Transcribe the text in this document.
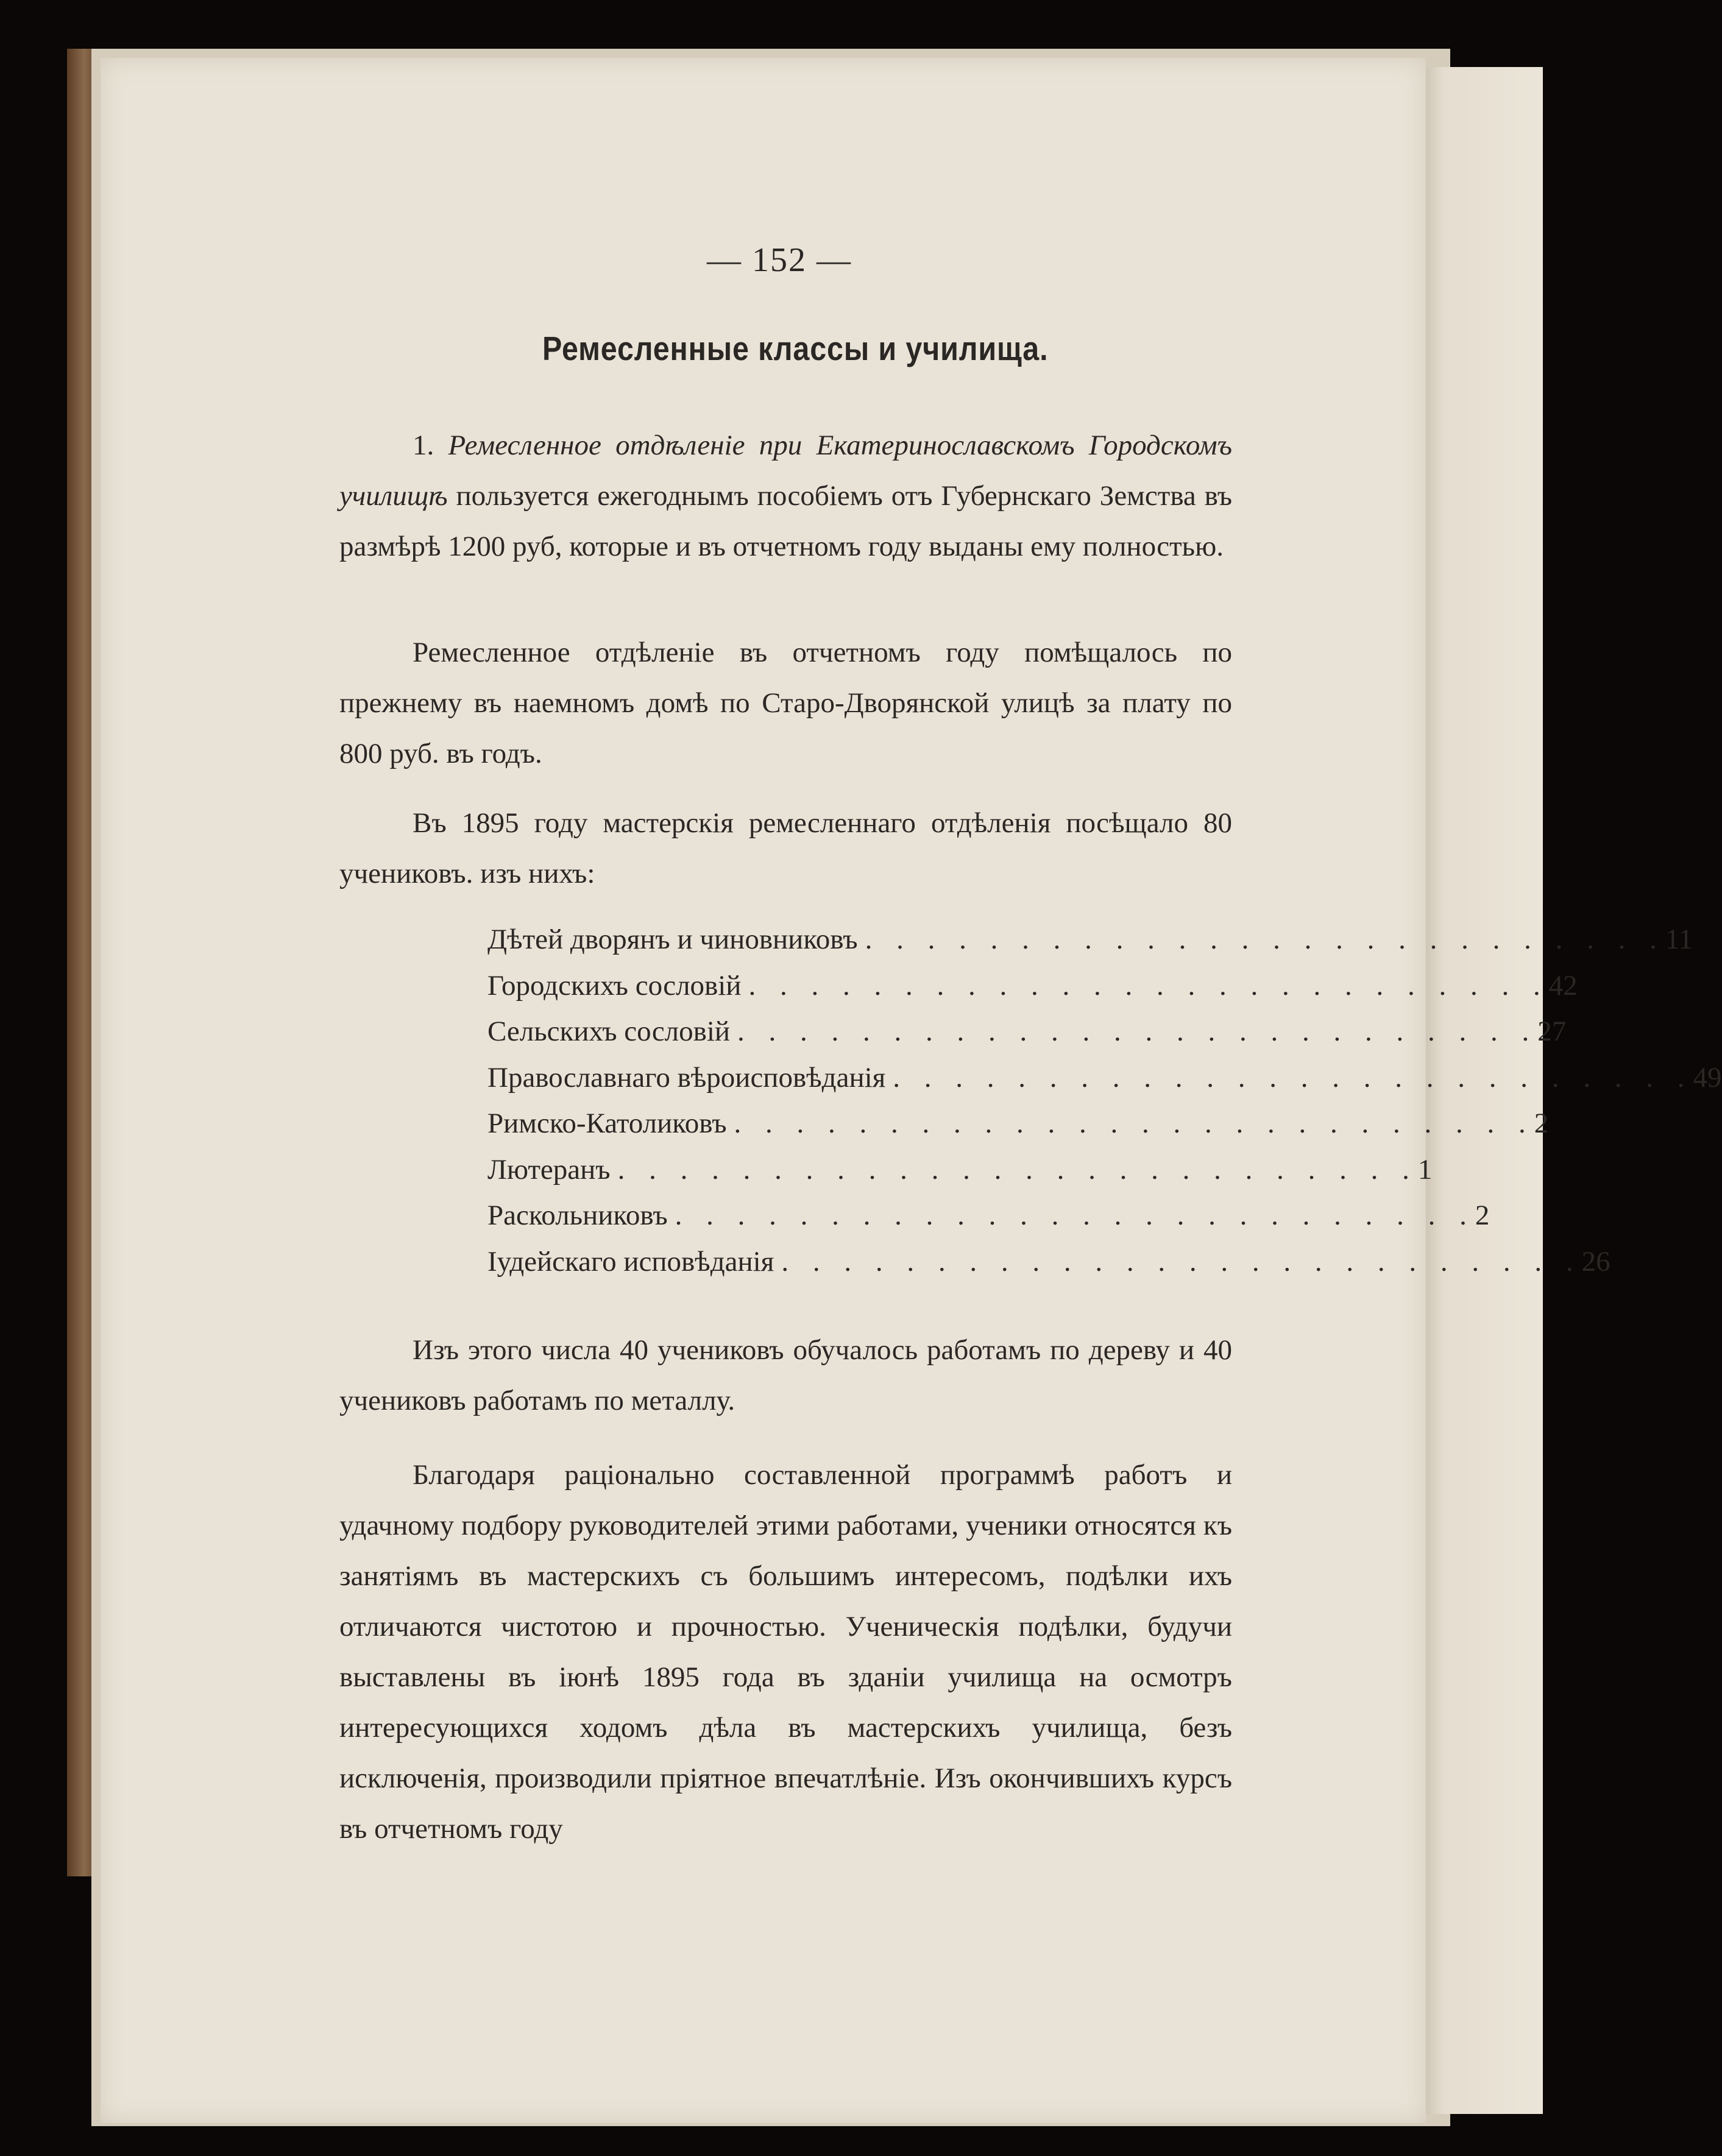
— 152 —
Ремесленные классы и училища.
1. Ремесленное отдѣленіе при Екатеринославскомъ Городскомъ училищѣ пользуется ежегоднымъ пособіемъ отъ Губернскаго Земства въ размѣрѣ 1200 руб, которые и въ отчетномъ году выданы ему полностью.
Ремесленное отдѣленіе въ отчетномъ году помѣщалось по прежнему въ наемномъ домѣ по Старо-Дворянской улицѣ за плату по 800 руб. въ годъ.
Въ 1895 году мастерскія ремесленнаго отдѣленія посѣщало 80 учениковъ. изъ нихъ:
Дѣтей дворянъ и чиновниковъ . . . . . . . . . . . . . . . . . . . . . . . . . . 11
Городскихъ сословій . . . . . . . . . . . . . . . . . . . . . . . . . . 42
Сельскихъ сословій . . . . . . . . . . . . . . . . . . . . . . . . . . 27
Православнаго вѣроисповѣданія . . . . . . . . . . . . . . . . . . . . . . . . . . 49
Римско-Католиковъ . . . . . . . . . . . . . . . . . . . . . . . . . . 2
Лютеранъ . . . . . . . . . . . . . . . . . . . . . . . . . . 1
Раскольниковъ . . . . . . . . . . . . . . . . . . . . . . . . . . 2
Іудейскаго исповѣданія . . . . . . . . . . . . . . . . . . . . . . . . . . 26
Изъ этого числа 40 учениковъ обучалось работамъ по дереву и 40 учениковъ работамъ по металлу.
Благодаря раціонально составленной программѣ работъ и удачному подбору руководителей этими работами, ученики относятся къ занятіямъ въ мастерскихъ съ большимъ интересомъ, подѣлки ихъ отличаются чистотою и прочностью. Ученическія подѣлки, будучи выставлены въ іюнѣ 1895 года въ зданіи училища на осмотръ интересующихся ходомъ дѣла въ мастерскихъ училища, безъ исключенія, производили пріятное впечатлѣніе. Изъ окончившихъ курсъ въ отчетномъ году
